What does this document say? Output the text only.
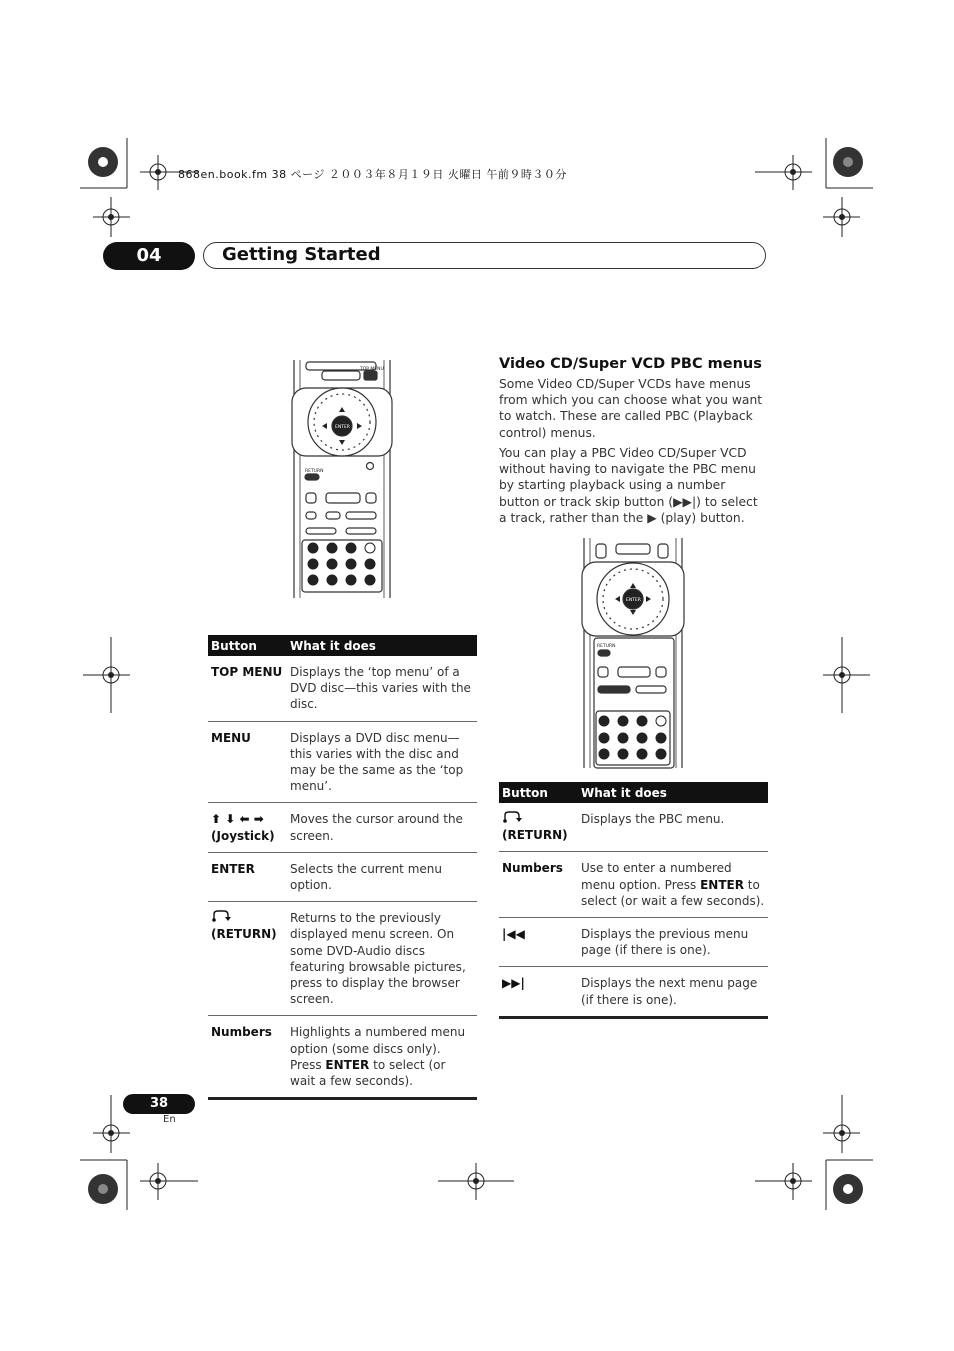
868en.book.fm 38 ページ ２００３年８月１９日 火曜日 午前９時３０分
04	Getting Started
MENU
TOP MENU
ENTER
RETURN
Button	What it does
TOP MENU	Displays the ‘top menu’ of a DVD disc—this varies with the disc.
MENU	Displays a DVD disc menu—this varies with the disc and may be the same as the ‘top menu’.

⬆ ⬇ ⬅ ➡
(Joystick)	Moves the cursor around the screen.
ENTER	Selects the current menu option.

(RETURN)	Returns to the previously displayed menu screen. On some DVD-Audio discs featuring browsable pictures, press to display the browser screen.
Numbers	Highlights a numbered menu option (some discs only). Press ENTER to select (or wait a few seconds).
Video CD/Super VCD PBC menus
Some Video CD/Super VCDs have menus from which you can choose what you want to watch. These are called PBC (Playback control) menus.
You can play a PBC Video CD/Super VCD without having to navigate the PBC menu by starting playback using a number button or track skip button (▶▶|) to select a track, rather than the ▶ (play) button.
ENTER
RETURN
Button	What it does

(RETURN)	Displays the PBC menu.
Numbers	Use to enter a numbered menu option. Press ENTER to select (or wait a few seconds).
|◀◀	Displays the previous menu page (if there is one).
▶▶|	Displays the next menu page (if there is one).
38
En
